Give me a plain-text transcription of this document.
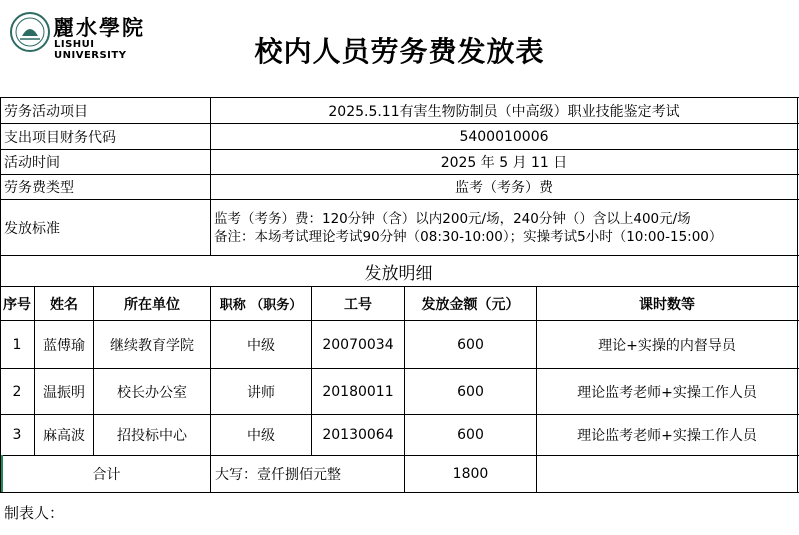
麗水學院
LISHUI UNIVERSITY	校内人员劳务费发放表
劳务活动项目	2025.5.11有害生物防制员（中高级）职业技能鉴定考试
支出项目财务代码	5400010006
活动时间	2025 年 5 月 11 日
劳务费类型	监考（考务）费
发放标准
监考（考务）费：120分钟（含）以内200元/场，240分钟（）含以上400元/场
备注：本场考试理论考试90分钟（08:30-10:00）；实操考试5小时（10:00-15:00）
发放明细
序号	姓名	所在单位	职称 （职务）	工号	发放金额（元）	课时数等
1	蓝傅瑜	继续教育学院	中级	20070034	600	理论+实操的内督导员
2	温振明	校长办公室	讲师	20180011	600	理论监考老师+实操工作人员
3	麻高波	招投标中心	中级	20130064	600	理论监考老师+实操工作人员
合计	大写：壹仟捌佰元整	1800
制表人：
